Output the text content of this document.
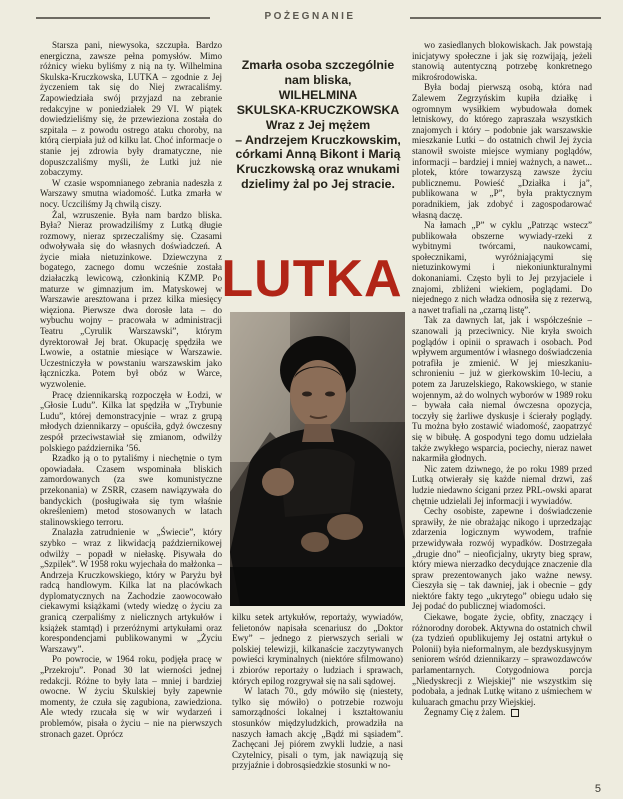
POŻEGNANIE

Starsza pani, niewysoka, szczupła. Bardzo energiczna, zawsze pełna pomysłów. Mimo różnicy wieku byliśmy z nią na ty. Wilhelmina Skulska-Kruczkowska, LUTKA – zgodnie z Jej życzeniem tak się do Niej zwracaliśmy. Zapowiedziała swój przyjazd na zebranie redakcyjne w poniedziałek 29 VI. W piątek dowiedzieliśmy się, że przewieziona została do szpitala – z powodu ostrego ataku choroby, na którą cierpiała już od kilku lat. Choć informacje o stanie jej zdrowia były dramatyczne, nie dopuszczaliśmy myśli, że Lutki już nie zobaczymy.

W czasie wspomnianego zebrania nadeszła z Warszawy smutna wiadomość. Lutka zmarła w nocy. Uczciliśmy Ją chwilą ciszy.

Żal, wzruszenie. Była nam bardzo bliska. Była? Nieraz prowadziliśmy z Lutką długie rozmowy, nieraz sprzeczaliśmy się. Czasami odwoływała się do własnych doświadczeń. A życie miała nietuzinkowe. Dziewczyna z bogatego, zacnego domu wcześnie została działaczką lewicową, członkinią KZMP. Po maturze w gimnazjum im. Matyskowej w Warszawie aresztowana i przez kilka miesięcy więziona. Pierwsze dwa dorosłe lata – do wybuchu wojny – pracowała w administracji Teatru „Cyrulik Warszawski”, którym dyrektorował Jej brat. Okupację spędziła we Lwowie, a ostatnie miesiące w Warszawie. Uczestniczyła w powstaniu warszawskim jako łączniczka. Potem był obóz w Warce, wyzwolenie.

Pracę dziennikarską rozpoczęła w Łodzi, w „Głosie Ludu”. Kilka lat spędziła w „Trybunie Ludu”, której demonstracyjnie – wraz z grupą młodych dziennikarzy – opuściła, gdyż ówczesny zespół przeciwstawiał się zmianom, odwilży polskiego października ’56.

Rzadko ją o to pytaliśmy i niechętnie o tym opowiadała. Czasem wspominała bliskich zamordowanych (za swe komunistyczne przekonania) w ZSRR, czasem nawiązywała do bandyckich (posługiwała się tym właśnie określeniem) metod stosowanych w latach stalinowskiego terroru.

Znalazła zatrudnienie w „Świecie”, który szybko – wraz z likwidacją październikowej odwilży – popadł w niełaskę. Pisywała do „Szpilek”. W 1958 roku wyjechała do małżonka – Andrzeja Kruczkowskiego, który w Paryżu był radcą handlowym. Kilka lat na placówkach dyplomatycznych na Zachodzie zaowocowało ciekawymi książkami (wtedy wiedzę o życiu za granicą czerpaliśmy z nielicznych artykułów i książek stamtąd) i przeróżnymi artykułami oraz korespondencjami publikowanymi w „Życiu Warszawy”.

Po powrocie, w 1964 roku, podjęła pracę w „Przekroju”. Ponad 30 lat wierności jednej redakcji. Różne to były lata – mniej i bardziej owocne. W życiu Skulskiej były zapewnie momenty, że czuła się zagubiona, zawiedziona. Ale wtedy rzucała się w wir wydarzeń i problemów, pisała o życiu – nie na pierwszych stronach gazet. Oprócz

Zmarła osoba szczególnie
nam bliska,
WILHELMINA
SKULSKA-KRUCZKOWSKA
Wraz z Jej mężem
– Andrzejem Kruczkowskim,
córkami Anną Bikont i Marią
Kruczkowską oraz wnukami
dzielimy żal po Jej stracie.
LUTKA

kilku setek artykułów, reportaży, wywiadów, felietonów napisała scenariusz do „Doktor Ewy” – jednego z pierwszych seriali w polskiej telewizji, kilkanaście zaczytywanych powieści kryminalnych (niektóre sfilmowano) i zbiorów reportaży o ludziach i sprawach, których epilog rozgrywał się na sali sądowej.

W latach 70., gdy mówiło się (niestety, tylko się mówiło) o potrzebie rozwoju samorządności lokalnej i kształtowaniu stosunków międzyludzkich, prowadziła na naszych łamach akcję „Bądź mi sąsiadem”. Zachęcani Jej piórem zwykli ludzie, a nasi Czytelnicy, pisali o tym, jak nawiązują się przyjaźnie i dobrosąsiedzkie stosunki w no-

wo zasiedlanych blokowiskach. Jak powstają inicjatywy społeczne i jak się rozwijają, jeżeli stanowią autentyczną potrzebę konkretnego mikrośrodowiska.

Była bodaj pierwszą osobą, która nad Zalewem Zegrzyńskim kupiła działkę i ogromnym wysiłkiem wybudowała domek letniskowy, do którego zapraszała wszystkich znajomych i który – podobnie jak warszawskie mieszkanie Lutki – do ostatnich chwil Jej życia stanowił swoiste miejsce wymiany poglądów, informacji – bardziej i mniej ważnych, a nawet... plotek, które towarzyszą zawsze życiu publicznemu. Powieść „Działka i ja”, publikowana w „P”, była praktycznym poradnikiem, jak zdobyć i zagospodarować własną daczę.

Na łamach „P” w cyklu „Patrząc wstecz” publikowała obszerne wywiady-rzeki z wybitnymi twórcami, naukowcami, społecznikami, wyróżniającymi się nietuzinkowymi i niekoniunkturalnymi dokonaniami. Często byli to Jej przyjaciele i znajomi, zbliżeni wiekiem, poglądami. Do niejednego z nich władza odnosiła się z rezerwą, a nawet trafiali na „czarną listę”.

Tak za dawnych lat, jak i współcześnie – szanowali ją przeciwnicy. Nie kryła swoich poglądów i opinii o sprawach i osobach. Pod wpływem argumentów i własnego doświadczenia potrafiła je zmienić. W jej mieszkaniu-schronieniu – już w gierkowskim 10-leciu, a potem za Jaruzelskiego, Rakowskiego, w stanie wojennym, aż do wolnych wyborów w 1989 roku – bywała cała niemal ówczesna opozycja, toczyły się żarliwe dyskusje i ścierały poglądy. Tu można było zostawić wiadomość, zaopatrzyć się w bibułę. A gospodyni tego domu udzielała także zwykłego wsparcia, pociechy, nieraz nawet nakarmiła głodnych.

Nic zatem dziwnego, że po roku 1989 przed Lutką otwierały się każde niemal drzwi, zaś ludzie niedawno ścigani przez PRL-owski aparat chętnie udzielali Jej informacji i wywiadów.

Cechy osobiste, zapewne i doświadczenie sprawiły, że nie obrażając nikogo i uprzedzając zdarzenia logicznym wywodem, trafnie przewidywała rozwój wypadków. Dostrzegała „drugie dno” – nieoficjalny, ukryty bieg spraw, który miewa nierzadko decydujące znaczenie dla spraw prezentowanych jako ważne newsy. Cieszyła się – tak dawniej, jak i obecnie – gdy niektóre fakty tego „ukrytego” obiegu udało się Jej podać do publicznej wiadomości.

Ciekawe, bogate życie, obfity, znaczący i różnorodny dorobek. Aktywna do ostatnich chwil (za tydzień opublikujemy Jej ostatni artykuł o Polonii) była nieformalnym, ale bezdyskusyjnym seniorem wśród dziennikarzy – sprawozdawców parlamentarnych. Cotygodniowa porcja „Niedyskrecji z Wiejskiej” nie wszystkim się podobała, a jednak Lutkę witano z uśmiechem w kuluarach gmachu przy Wiejskiej.

Żegnamy Cię z żalem.

5
